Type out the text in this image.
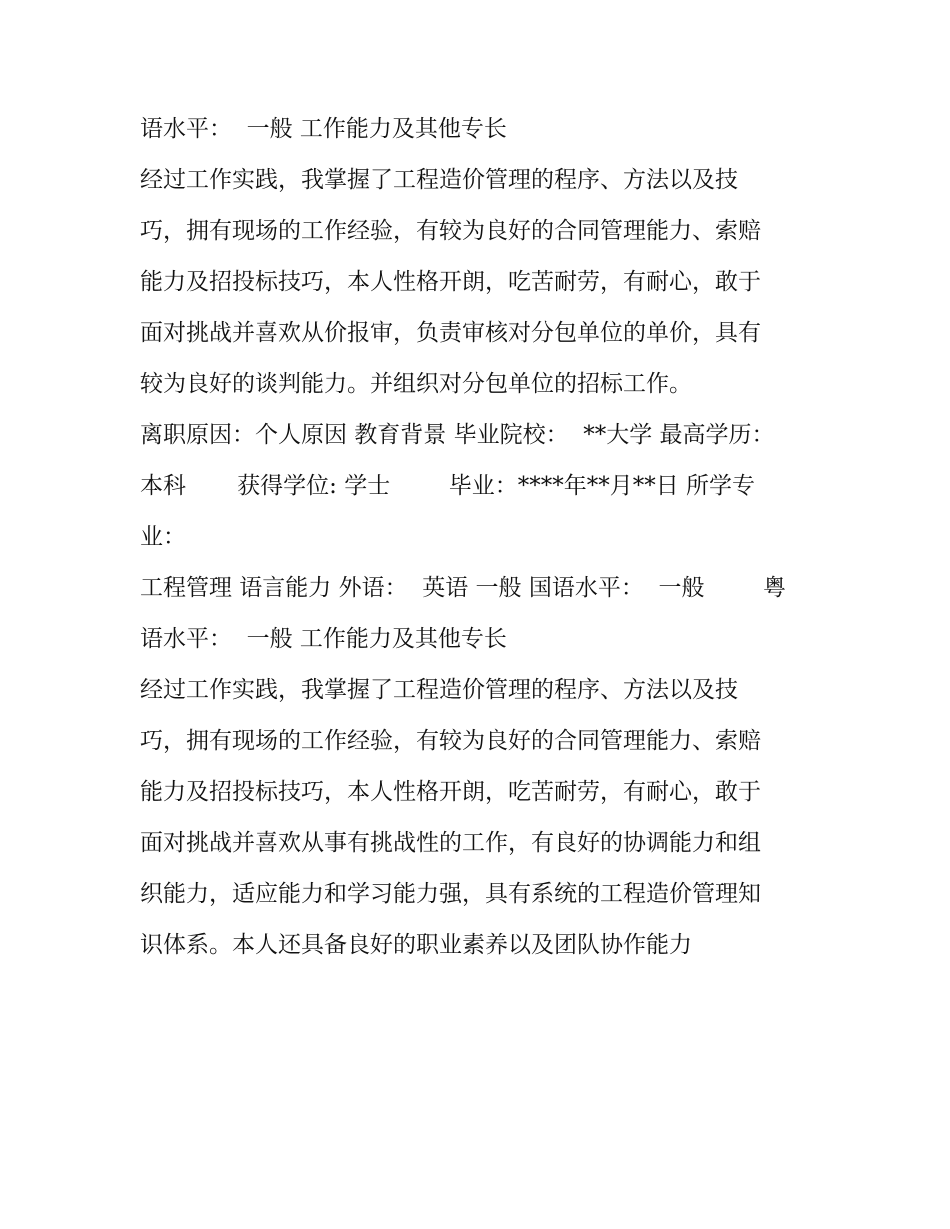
语水平：  一般 工作能力及其他专长
经过工作实践，我掌握了工程造价管理的程序、方法以及技
巧，拥有现场的工作经验，有较为良好的合同管理能力、索赔
能力及招投标技巧，本人性格开朗，吃苦耐劳，有耐心，敢于
面对挑战并喜欢从价报审，负责审核对分包单位的单价，具有
较为良好的谈判能力。并组织对分包单位的招标工作。
离职原因：个人原因 教育背景 毕业院校：  **大学 最高学历：
本科       获得学位: 学士        毕业：****年**月**日 所学专
业：
工程管理 语言能力 外语：  英语 一般 国语水平：  一般        粤
语水平：  一般 工作能力及其他专长
经过工作实践，我掌握了工程造价管理的程序、方法以及技
巧，拥有现场的工作经验，有较为良好的合同管理能力、索赔
能力及招投标技巧，本人性格开朗，吃苦耐劳，有耐心，敢于
面对挑战并喜欢从事有挑战性的工作，有良好的协调能力和组
织能力，适应能力和学习能力强，具有系统的工程造价管理知
识体系。本人还具备良好的职业素养以及团队协作能力
